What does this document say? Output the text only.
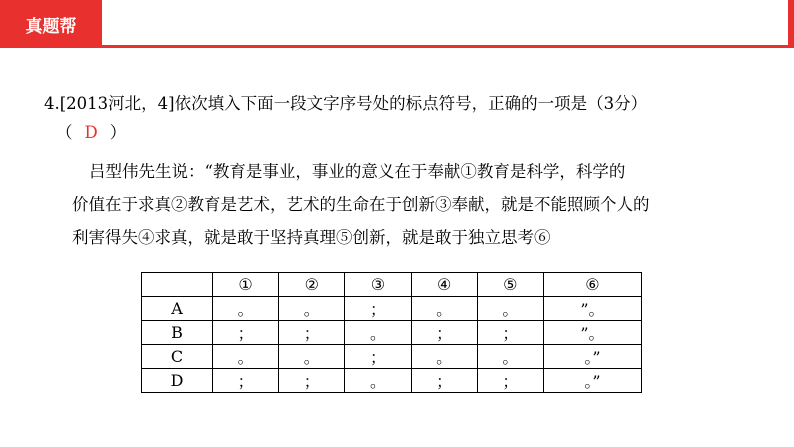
真题帮
4.[2013河北，4]依次填入下面一段文字序号处的标点符号，正确的一项是（3分）
（ D ）
吕型伟先生说：“教育是事业，事业的意义在于奉献①教育是科学，科学的
价值在于求真②教育是艺术，艺术的生命在于创新③奉献，就是不能照顾个人的
利害得失④求真，就是敢于坚持真理⑤创新，就是敢于独立思考⑥
	①	②	③	④	⑤	⑥
A	。	。	；	。	。	”。
B	；	；	。	；	；	”。
C	。	。	；	。	。	。”
D	；	；	。	；	；	。”
